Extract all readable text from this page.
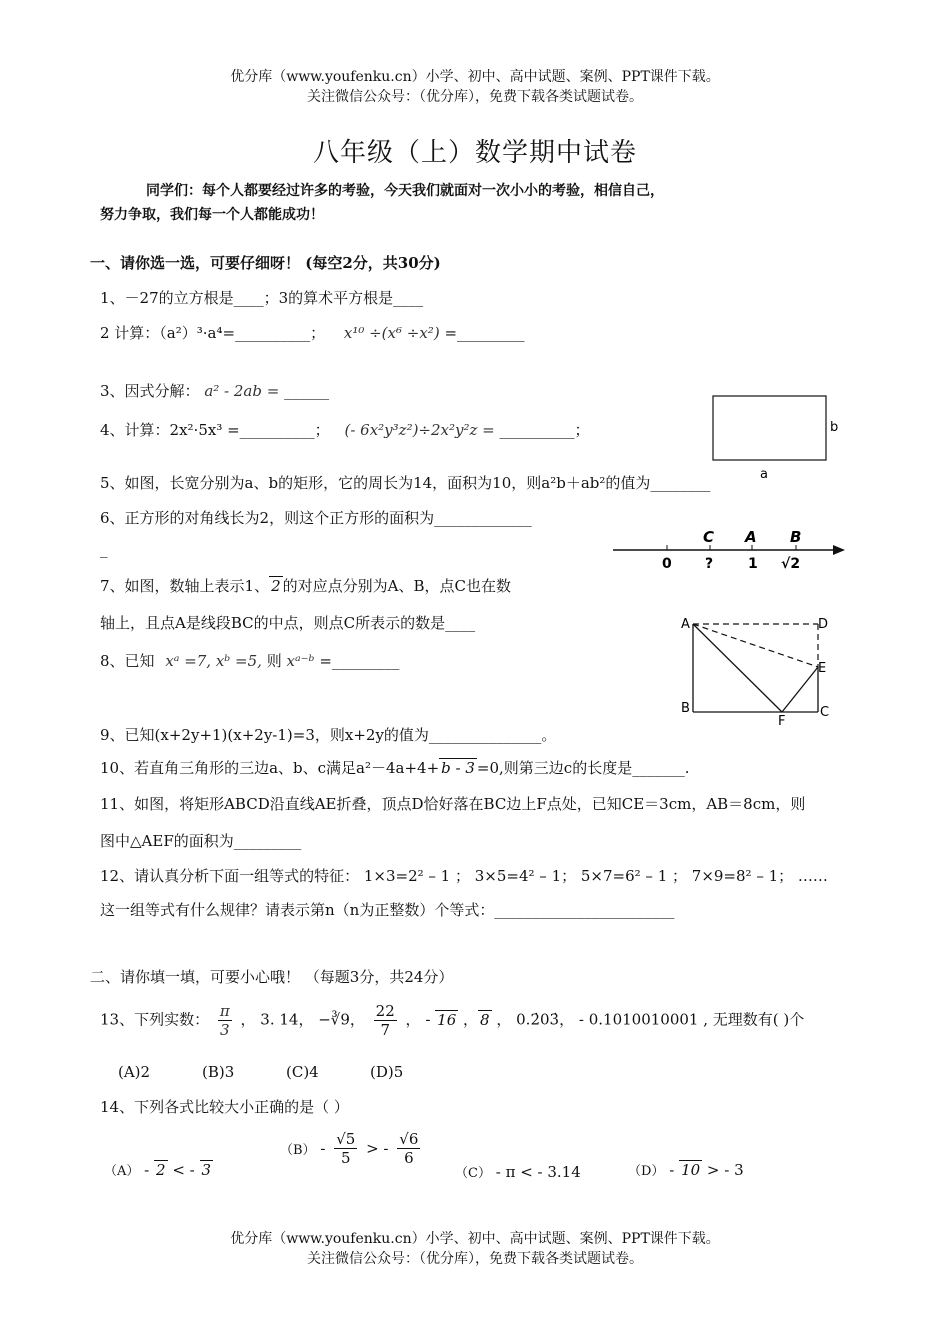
优分库（www.youfenku.cn）小学、初中、高中试题、案例、PPT课件下载。
关注微信公众号：（优分库），免费下载各类试题试卷。
八年级（上）数学期中试卷
同学们：每个人都要经过许多的考验，今天我们就面对一次小小的考验，相信自己，
努力争取，我们每一个人都能成功！
一、请你选一选，可要仔细呀！ (每空2分，共30分)
1、－27的立方根是____；3的算术平方根是____
2 计算：（a²）³·a⁴=__________； x¹⁰ ÷(x⁶ ÷x²) =_________
3、因式分解： a² - 2ab = ______
4、计算：2x²·5x³ =__________； (- 6x²y³z²)÷2x²y²z = __________；
5、如图，长宽分别为a、b的矩形，它的周长为14，面积为10，则a²b＋ab²的值为________
6、正方形的对角线长为2，则这个正方形的面积为_____________
_
7、如图，数轴上表示1、 2 的对应点分别为A、B，点C也在数
轴上，且点A是线段BC的中点，则点C所表示的数是____
8、已知 xᵃ =7, xᵇ =5, 则 xᵃ⁻ᵇ =_________
9、已知(x+2y+1)(x+2y-1)=3，则x+2y的值为_______________。
10、若直角三角形的三边a、b、c满足a²－4a+4+ b - 3 =0,则第三边c的长度是_______.
11、如图，将矩形ABCD沿直线AE折叠，顶点D恰好落在BC边上F点处，已知CE＝3cm，AB＝8cm，则
图中△AEF的面积为_________
12、请认真分析下面一组等式的特征： 1×3=2² – 1 ； 3×5=4² – 1； 5×7=6² – 1 ； 7×9=8² – 1； ……
这一组等式有什么规律？请表示第n（n为正整数）个等式：________________________
二、请你填一填，可要小心哦！ （每题3分，共24分）
13、下列实数： $\frac{\pi}{3}$ ， 3. 14， −∛9， $\frac{22}{7}$ ， - 16 ， 8 ， 0.2̇03̇， - 0.1010010001 , 无理数有( )个
(A)2	(B)3	(C)4	(D)5
14、下列各式比较大小正确的是（ ）
（A） - 2 < - 3
$(B) - \frac{√5}{5}$ > - $\frac{√6}{6}$
（C） - π < - 3.14	（D） - 10 > - 3
优分库（www.youfenku.cn）小学、初中、高中试题、案例、PPT课件下载。
关注微信公众号：（优分库），免费下载各类试题试卷。
b
a
C A B
0 ? 1 √2
A	D
E
B
F
C
